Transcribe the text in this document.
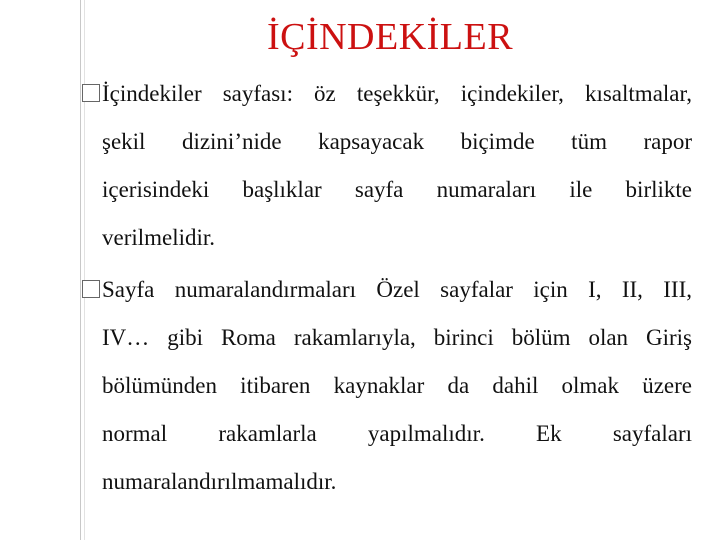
İÇİNDEKİLER
İçindekiler sayfası: öz teşekkür, içindekiler, kısaltmalar,
şekil dizini’nide kapsayacak biçimde tüm rapor
içerisindeki başlıklar sayfa numaraları ile birlikte
verilmelidir.
Sayfa numaralandırmaları Özel sayfalar için I, II, III,
IV… gibi Roma rakamlarıyla, birinci bölüm olan Giriş
bölümünden itibaren kaynaklar da dahil olmak üzere
normal rakamlarla yapılmalıdır. Ek sayfaları
numaralandırılmamalıdır.
